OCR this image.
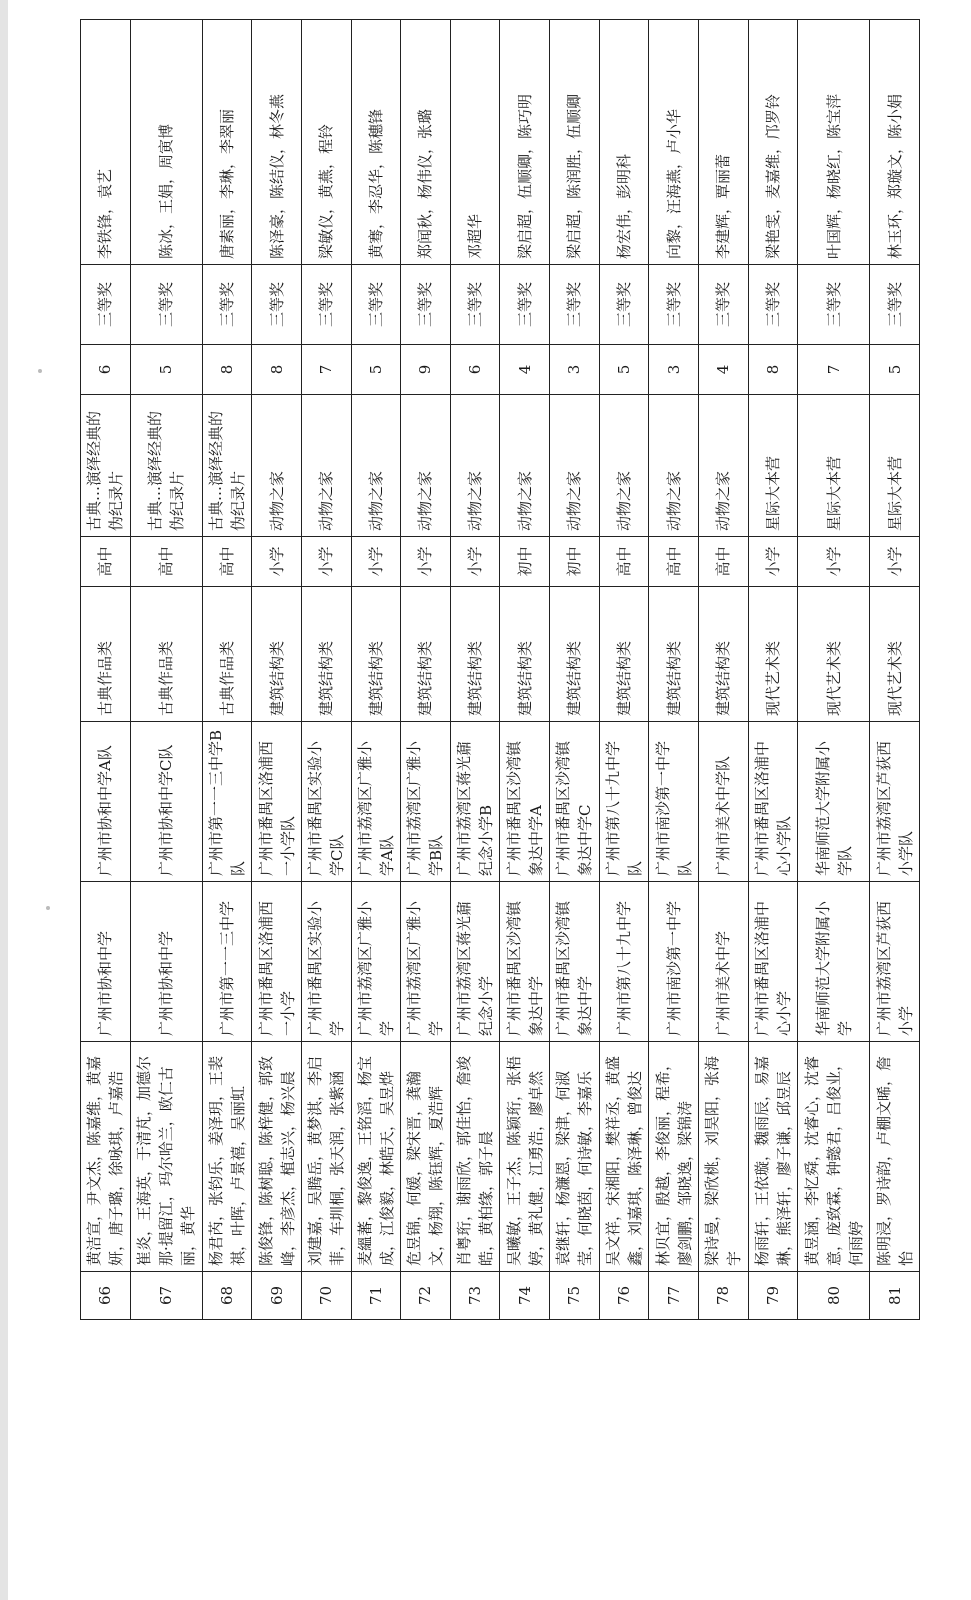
66	黄洁宣，尹文杰，陈嘉维，黄嘉妍，唐子璐，徐咏琪，卢嘉浩	广州市协和中学	广州市协和中学A队	古典作品类	高中	古典…演绎经典的伪纪录片	6	三等奖	李铁锋，袁艺
67	崔炎，王海英，于清芃，加德尔那·提留江，玛尔哈兰，欧仁古丽，黄华	广州市协和中学	广州市协和中学C队	古典作品类	高中	古典…演绎经典的伪纪录片	5	三等奖	陈冰，王娟，周寅博
68	杨君芮，张钧乐，姜泽玥，王裴祺，叶晖，卢景禧，吴丽虹	广州市第一一三中学	广州市第一一三中学B队	古典作品类	高中	古典…演绎经典的伪纪录片	8	三等奖	唐素丽，李琳，李翠丽
69	陈俊锋，陈树聪，陈梓健，郭致峰，李彦杰，植志兴，杨兴晨	广州市番禺区洛浦西一小学	广州市番禺区洛浦西一小学队	建筑结构类	小学	动物之家	8	三等奖	陈泽豪，陈结仪，林冬燕
70	刘建嘉，吴腾岳，黄梦淇，李启菲，车圳桐，张天润，张紫涵	广州市番禺区实验小学	广州市番禺区实验小学C队	建筑结构类	小学	动物之家	7	三等奖	梁敏仪，黄燕，程铃
71	麦縕蕃，黎俊逸，王铭滔，杨宝成，江俊毅，林皓天，吴昱烨	广州市荔湾区广雅小学	广州市荔湾区广雅小学A队	建筑结构类	小学	动物之家	5	三等奖	黄骞，李忍华，陈穗锋
72	危昱锦，何媛，梁宋晋，龚瀚文，杨翔，陈钰辉，夏浩辉	广州市荔湾区广雅小学	广州市荔湾区广雅小学B队	建筑结构类	小学	动物之家	9	三等奖	郑闻秋，杨伟仪，张璐
73	肖粤珩，谢雨欣，郭佳怡，詹竣皓，黄柏缘，郭子晨	广州市荔湾区蒋光鼐纪念小学	广州市荔湾区蒋光鼐纪念小学B	建筑结构类	小学	动物之家	6	三等奖	邓超华
74	吴曦敏，王子杰，陈颖珩，张梧婷，黄礼健，江勇浩，廖卓然	广州市番禺区沙湾镇象达中学	广州市番禺区沙湾镇象达中学A	建筑结构类	初中	动物之家	4	三等奖	梁启超，伍顺卿，陈巧明
75	袁继轩，杨濂恩，梁津，何淑莹，何晓茵，何诗敏，李嘉乐	广州市番禺区沙湾镇象达中学	广州市番禺区沙湾镇象达中学C	建筑结构类	初中	动物之家	3	三等奖	梁启超，陈润胜，伍顺卿
76	吴文祥，宋湘阳，樊祥丞，黄盛鑫，刘嘉琪，陈泽琳，曾俊达	广州市第八十九中学	广州市第八十九中学队	建筑结构类	高中	动物之家	5	三等奖	杨宏伟，彭明科
77	林贝宜，殷越，李俊丽，程希，廖剑鹏，邹晓逸，梁锦涛	广州市南沙第一中学	广州市南沙第一中学队	建筑结构类	高中	动物之家	3	三等奖	向黎，汪海燕，卢小华
78	梁诗曼，梁欣桃，刘昊阳，张海宇	广州市美术中学	广州市美术中学队	建筑结构类	高中	动物之家	4	三等奖	李建辉，覃丽蕾
79	杨雨轩，王依璇，魏雨辰，易嘉琳，熊泽轩，廖子谦，邱昱辰	广州市番禺区洛浦中心小学	广州市番禺区洛浦中心小学队	现代艺术类	小学	星际大本营	8	三等奖	梁艳雯，麦嘉维，邝罗铃
80	黄昱涵，李忆舜，沈睿心，沈睿意，庞致霖，钟懿君，吕俊业，何雨婷	华南师范大学附属小学	华南师范大学附属小学队	现代艺术类	小学	星际大本营	7	三等奖	叶国辉，杨晓红，陈宝萍
81	陈明浸，罗诗韵，卢棚文晞，詹怡	广州市荔湾区芦荻西小学	广州市荔湾区芦荻西小学队	现代艺术类	小学	星际大本营	5	三等奖	林玉环，郑璇文，陈小娟
